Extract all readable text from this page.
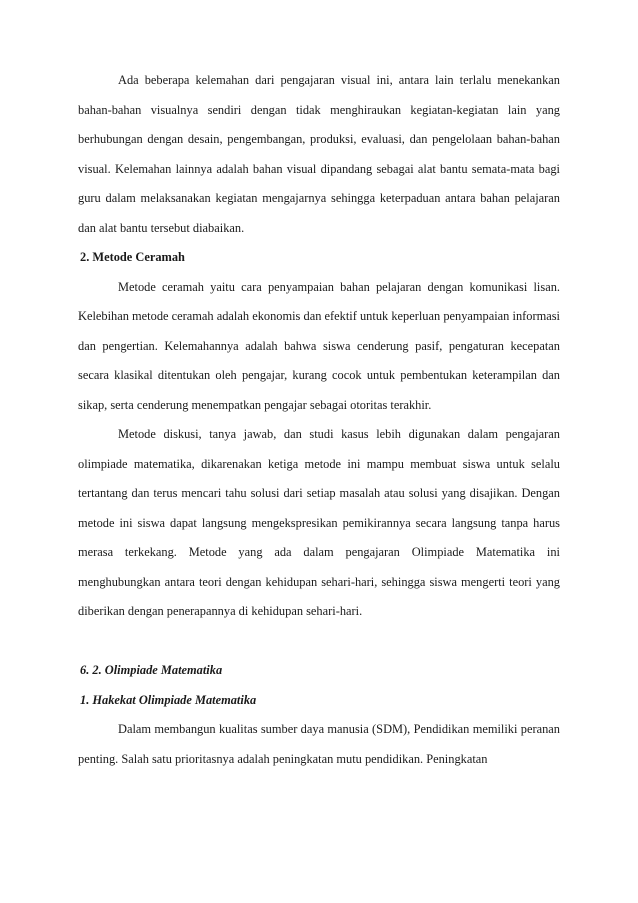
Ada beberapa kelemahan dari pengajaran visual ini, antara lain terlalu menekankan bahan-bahan visualnya sendiri dengan tidak menghiraukan kegiatan-kegiatan lain yang berhubungan dengan desain, pengembangan, produksi, evaluasi, dan pengelolaan bahan-bahan visual. Kelemahan lainnya adalah bahan visual dipandang sebagai alat bantu semata-mata bagi guru dalam melaksanakan kegiatan mengajarnya sehingga keterpaduan antara bahan pelajaran dan alat bantu tersebut diabaikan.

2. Metode Ceramah

Metode ceramah yaitu cara penyampaian bahan pelajaran dengan komunikasi lisan. Kelebihan metode ceramah adalah ekonomis dan efektif untuk keperluan penyampaian informasi dan pengertian. Kelemahannya adalah bahwa siswa cenderung pasif, pengaturan kecepatan secara klasikal ditentukan oleh pengajar, kurang cocok untuk pembentukan keterampilan dan sikap, serta cenderung menempatkan pengajar sebagai otoritas terakhir.

Metode diskusi, tanya jawab, dan studi kasus lebih digunakan dalam pengajaran olimpiade matematika, dikarenakan ketiga metode ini mampu membuat siswa untuk selalu tertantang dan terus mencari tahu solusi dari setiap masalah atau solusi yang disajikan. Dengan metode ini siswa dapat langsung mengekspresikan pemikirannya secara langsung tanpa harus merasa terkekang. Metode yang ada dalam pengajaran Olimpiade Matematika ini menghubungkan antara teori dengan kehidupan sehari-hari, sehingga siswa mengerti teori yang diberikan dengan penerapannya di kehidupan sehari-hari.

6. 2. Olimpiade Matematika

1. Hakekat Olimpiade Matematika

Dalam membangun kualitas sumber daya manusia (SDM), Pendidikan memiliki peranan penting. Salah satu prioritasnya adalah peningkatan mutu pendidikan. Peningkatan
